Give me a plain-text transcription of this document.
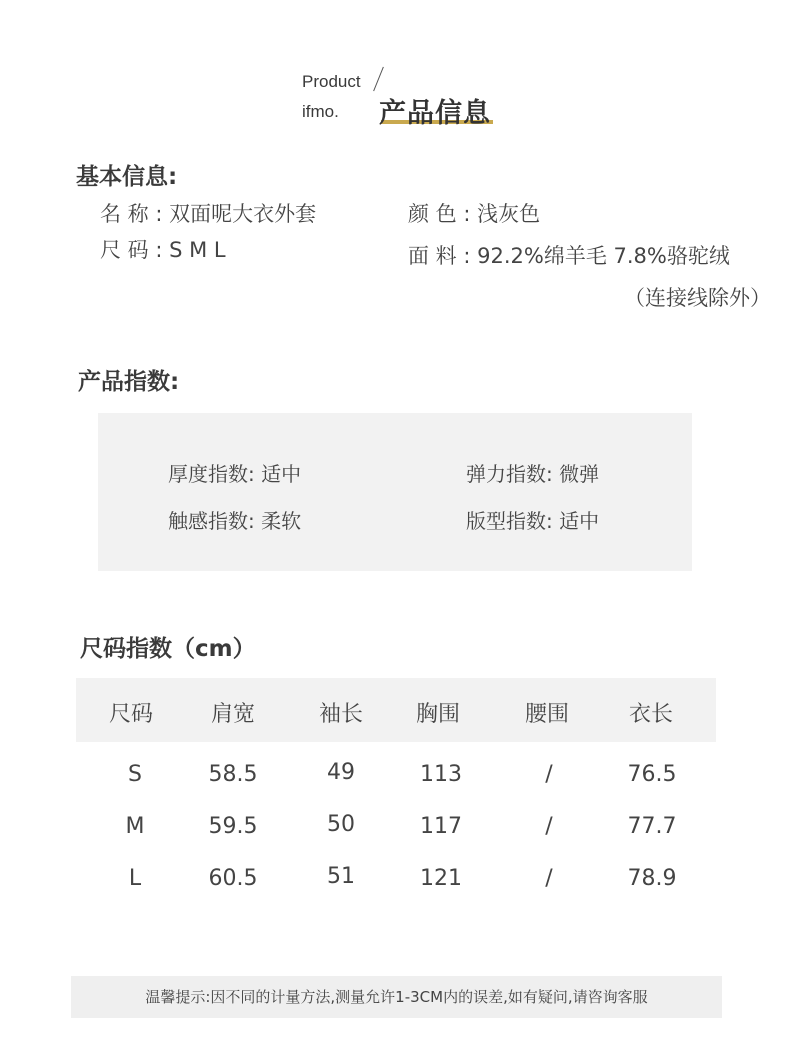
Product
ifmo. 产品信息
基本信息:
名 称 : 双面呢大衣外套
尺 码 : S M L
颜 色 : 浅灰色
面 料 : 92.2%绵羊毛 7.8%骆驼绒
（连接线除外）
产品指数:
厚度指数: 适中	弹力指数: 微弹
触感指数: 柔软	版型指数: 适中
尺码指数（cm）
尺码	肩宽	袖长	胸围	腰围	衣长
S	58.5	49	113	/	76.5
M	59.5	50	117	/	77.7
L	60.5	51	121	/	78.9
温馨提示:因不同的计量方法,测量允许1-3CM内的误差,如有疑问,请咨询客服
